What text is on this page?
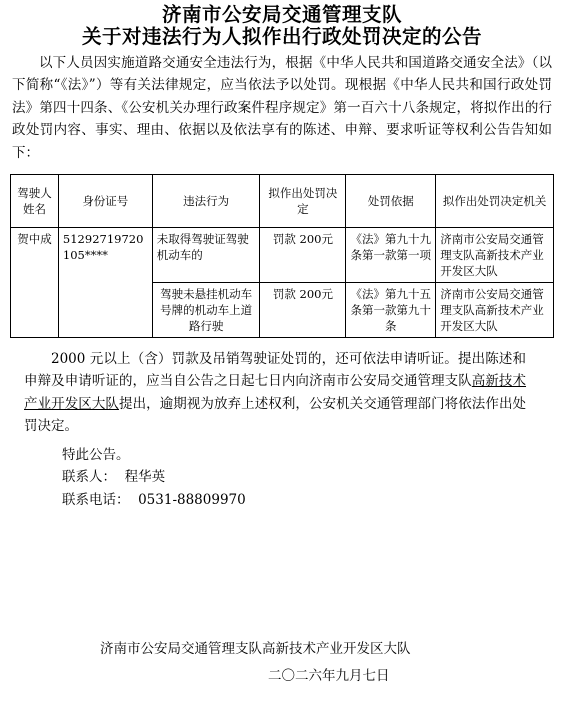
济南市公安局交通管理支队
关于对违法行为人拟作出行政处罚决定的公告

以下人员因实施道路交通安全违法行为，根据《中华人民共和国道路交通安全法》（以下简称“《法》”）等有关法律规定，应当依法予以处罚。现根据《中华人民共和国行政处罚法》第四十四条、《公安机关办理行政案件程序规定》第一百六十八条规定，将拟作出的行政处罚内容、事实、理由、依据以及依法享有的陈述、申辩、要求听证等权利公告告知如下：

驾驶人姓名	身份证号	违法行为	拟作出处罚决定	处罚依据	拟作出处罚决定机关
贺中成	51292719720105****	未取得驾驶证驾驶机动车的	罚款 200元	《法》第九十九条第一款第一项	济南市公安局交通管理支队高新技术产业开发区大队
		驾驶未悬挂机动车号牌的机动车上道路行驶	罚款 200元	《法》第九十五条第一款第九十条	济南市公安局交通管理支队高新技术产业开发区大队

2000 元以上（含）罚款及吊销驾驶证处罚的，还可依法申请听证。提出陈述和申辩及申请听证的，应当自公告之日起七日内向济南市公安局交通管理支队高新技术产业开发区大队提出，逾期视为放弃上述权利，公安机关交通管理部门将依法作出处罚决定。

特此公告。
联系人：  程华英
联系电话：  0531-88809970
济南市公安局交通管理支队高新技术产业开发区大队
二〇二六年九月七日
